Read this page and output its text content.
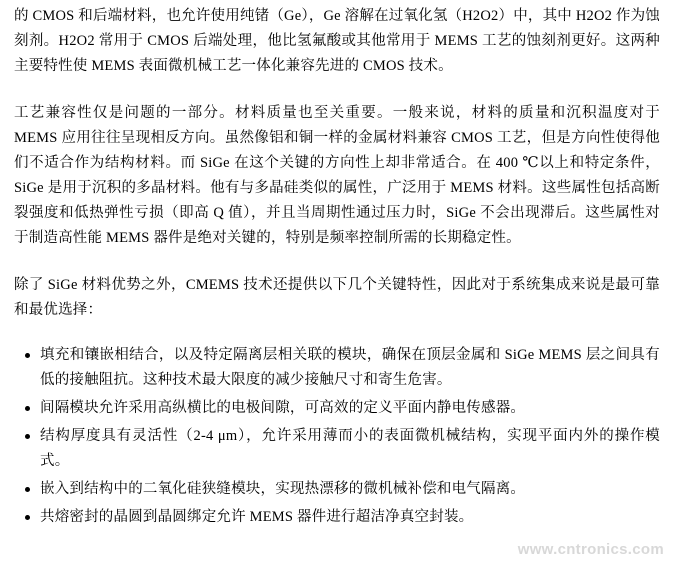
的 CMOS 和后端材料，也允许使用纯锗（Ge），Ge 溶解在过氧化氢（H2O2）中，其中 H2O2 作为蚀刻剂。H2O2 常用于 CMOS 后端处理，他比氢氟酸或其他常用于 MEMS 工艺的蚀刻剂更好。这两种主要特性使 MEMS 表面微机械工艺一体化兼容先进的 CMOS 技术。

工艺兼容性仅是问题的一部分。材料质量也至关重要。一般来说，材料的质量和沉积温度对于 MEMS 应用往往呈现相反方向。虽然像铝和铜一样的金属材料兼容 CMOS 工艺，但是方向性使得他们不适合作为结构材料。而 SiGe 在这个关键的方向性上却非常适合。在 400 ℃以上和特定条件，SiGe 是用于沉积的多晶材料。他有与多晶硅类似的属性，广泛用于 MEMS 材料。这些属性包括高断裂强度和低热弹性亏损（即高 Q 值），并且当周期性通过压力时，SiGe 不会出现滞后。这些属性对于制造高性能 MEMS 器件是绝对关键的，特别是频率控制所需的长期稳定性。

除了 SiGe 材料优势之外，CMEMS 技术还提供以下几个关键特性，因此对于系统集成来说是最可靠和最优选择：

填充和镶嵌相结合，以及特定隔离层相关联的模块，确保在顶层金属和 SiGe MEMS 层之间具有低的接触阻抗。这种技术最大限度的减少接触尺寸和寄生危害。
间隔模块允许采用高纵横比的电极间隙，可高效的定义平面内静电传感器。
结构厚度具有灵活性（2-4 μm），允许采用薄而小的表面微机械结构，实现平面内外的操作模式。
嵌入到结构中的二氧化硅狭缝模块，实现热漂移的微机械补偿和电气隔离。
共熔密封的晶圆到晶圆绑定允许 MEMS 器件进行超洁净真空封装。
www.cntronics.com
